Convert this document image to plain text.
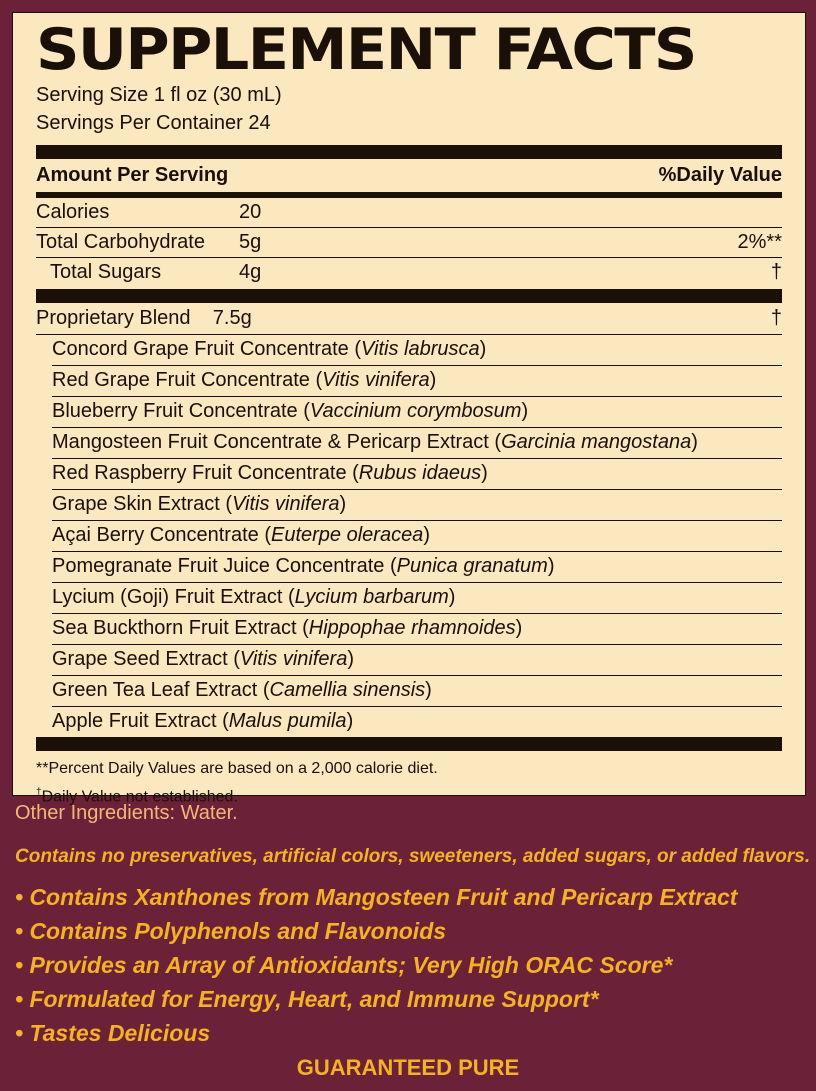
SUPPLEMENT FACTS
Serving Size 1 fl oz (30 mL)
Servings Per Container 24
Amount Per Serving	%Daily Value
Calories	20
Total Carbohydrate	5g	2%**
Total Sugars	4g	†
Proprietary Blend 7.5g	†
Concord Grape Fruit Concentrate (Vitis labrusca)
Red Grape Fruit Concentrate (Vitis vinifera)
Blueberry Fruit Concentrate (Vaccinium corymbosum)
Mangosteen Fruit Concentrate & Pericarp Extract (Garcinia mangostana)
Red Raspberry Fruit Concentrate (Rubus idaeus)
Grape Skin Extract (Vitis vinifera)
Açai Berry Concentrate (Euterpe oleracea)
Pomegranate Fruit Juice Concentrate (Punica granatum)
Lycium (Goji) Fruit Extract (Lycium barbarum)
Sea Buckthorn Fruit Extract (Hippophae rhamnoides)
Grape Seed Extract (Vitis vinifera)
Green Tea Leaf Extract (Camellia sinensis)
Apple Fruit Extract (Malus pumila)
**Percent Daily Values are based on a 2,000 calorie diet.
†Daily Value not established.
Other Ingredients: Water.
Contains no preservatives, artificial colors, sweeteners, added sugars, or added flavors.
• Contains Xanthones from Mangosteen Fruit and Pericarp Extract
• Contains Polyphenols and Flavonoids
• Provides an Array of Antioxidants; Very High ORAC Score*
• Formulated for Energy, Heart, and Immune Support*
• Tastes Delicious
GUARANTEED PURE
